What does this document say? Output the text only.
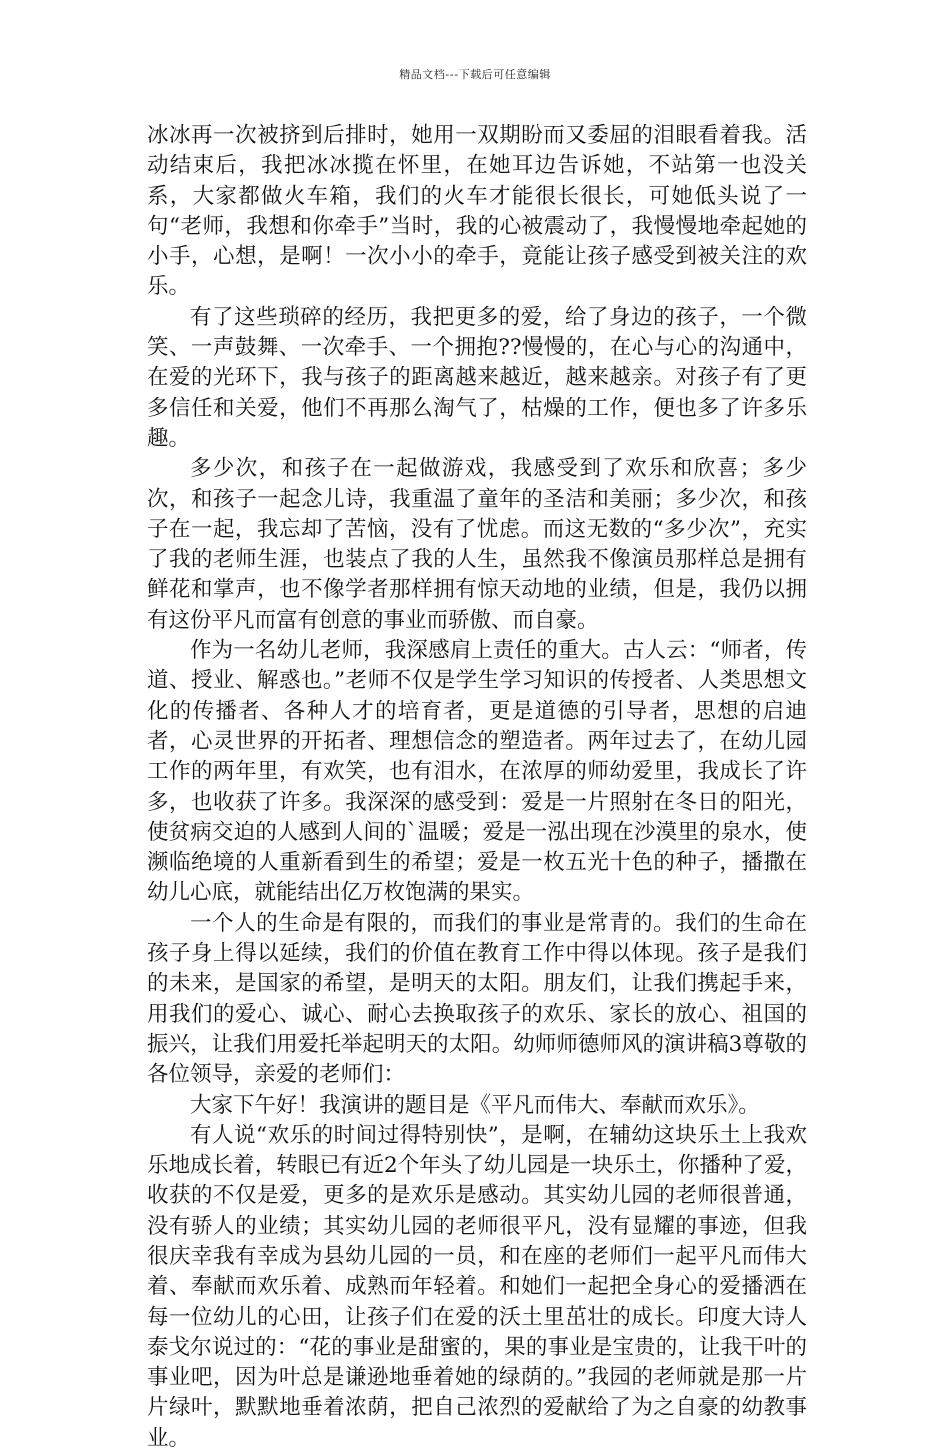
精品文档---下载后可任意编辑

冰冰再一次被挤到后排时，她用一双期盼而又委屈的泪眼看着我。活动结束后，我把冰冰揽在怀里，在她耳边告诉她，不站第一也没关系，大家都做火车箱，我们的火车才能很长很长，可她低头说了一句“老师，我想和你牵手”当时，我的心被震动了，我慢慢地牵起她的小手，心想，是啊！一次小小的牵手，竟能让孩子感受到被关注的欢乐。

有了这些琐碎的经历，我把更多的爱，给了身边的孩子，一个微笑、一声鼓舞、一次牵手、一个拥抱??慢慢的，在心与心的沟通中，在爱的光环下，我与孩子的距离越来越近，越来越亲。对孩子有了更多信任和关爱，他们不再那么淘气了，枯燥的工作，便也多了许多乐趣。

多少次，和孩子在一起做游戏，我感受到了欢乐和欣喜；多少次，和孩子一起念儿诗，我重温了童年的圣洁和美丽；多少次，和孩子在一起，我忘却了苦恼，没有了忧虑。而这无数的“多少次”，充实了我的老师生涯，也装点了我的人生，虽然我不像演员那样总是拥有鲜花和掌声，也不像学者那样拥有惊天动地的业绩，但是，我仍以拥有这份平凡而富有创意的事业而骄傲、而自豪。

作为一名幼儿老师，我深感肩上责任的重大。古人云：“师者，传道、授业、解惑也。”老师不仅是学生学习知识的传授者、人类思想文化的传播者、各种人才的培育者，更是道德的引导者，思想的启迪者，心灵世界的开拓者、理想信念的塑造者。两年过去了，在幼儿园工作的两年里，有欢笑，也有泪水，在浓厚的师幼爱里，我成长了许多，也收获了许多。我深深的感受到：爱是一片照射在冬日的阳光，使贫病交迫的人感到人间的`温暖；爱是一泓出现在沙漠里的泉水，使濒临绝境的人重新看到生的希望；爱是一枚五光十色的种子，播撒在幼儿心底，就能结出亿万枚饱满的果实。

一个人的生命是有限的，而我们的事业是常青的。我们的生命在孩子身上得以延续，我们的价值在教育工作中得以体现。孩子是我们的未来，是国家的希望，是明天的太阳。朋友们，让我们携起手来，用我们的爱心、诚心、耐心去换取孩子的欢乐、家长的放心、祖国的振兴，让我们用爱托举起明天的太阳。幼师师德师风的演讲稿3尊敬的各位领导，亲爱的老师们：

大家下午好！我演讲的题目是《平凡而伟大、奉献而欢乐》。

有人说“欢乐的时间过得特别快”，是啊，在辅幼这块乐土上我欢乐地成长着，转眼已有近2个年头了幼儿园是一块乐土，你播种了爱，收获的不仅是爱，更多的是欢乐是感动。其实幼儿园的老师很普通，没有骄人的业绩；其实幼儿园的老师很平凡，没有显耀的事迹，但我很庆幸我有幸成为县幼儿园的一员，和在座的老师们一起平凡而伟大着、奉献而欢乐着、成熟而年轻着。和她们一起把全身心的爱播洒在每一位幼儿的心田，让孩子们在爱的沃土里茁壮的成长。印度大诗人泰戈尔说过的：“花的事业是甜蜜的，果的事业是宝贵的，让我干叶的事业吧，因为叶总是谦逊地垂着她的绿荫的。”我园的老师就是那一片片绿叶，默默地垂着浓荫，把自己浓烈的爱献给了为之自豪的幼教事业。
